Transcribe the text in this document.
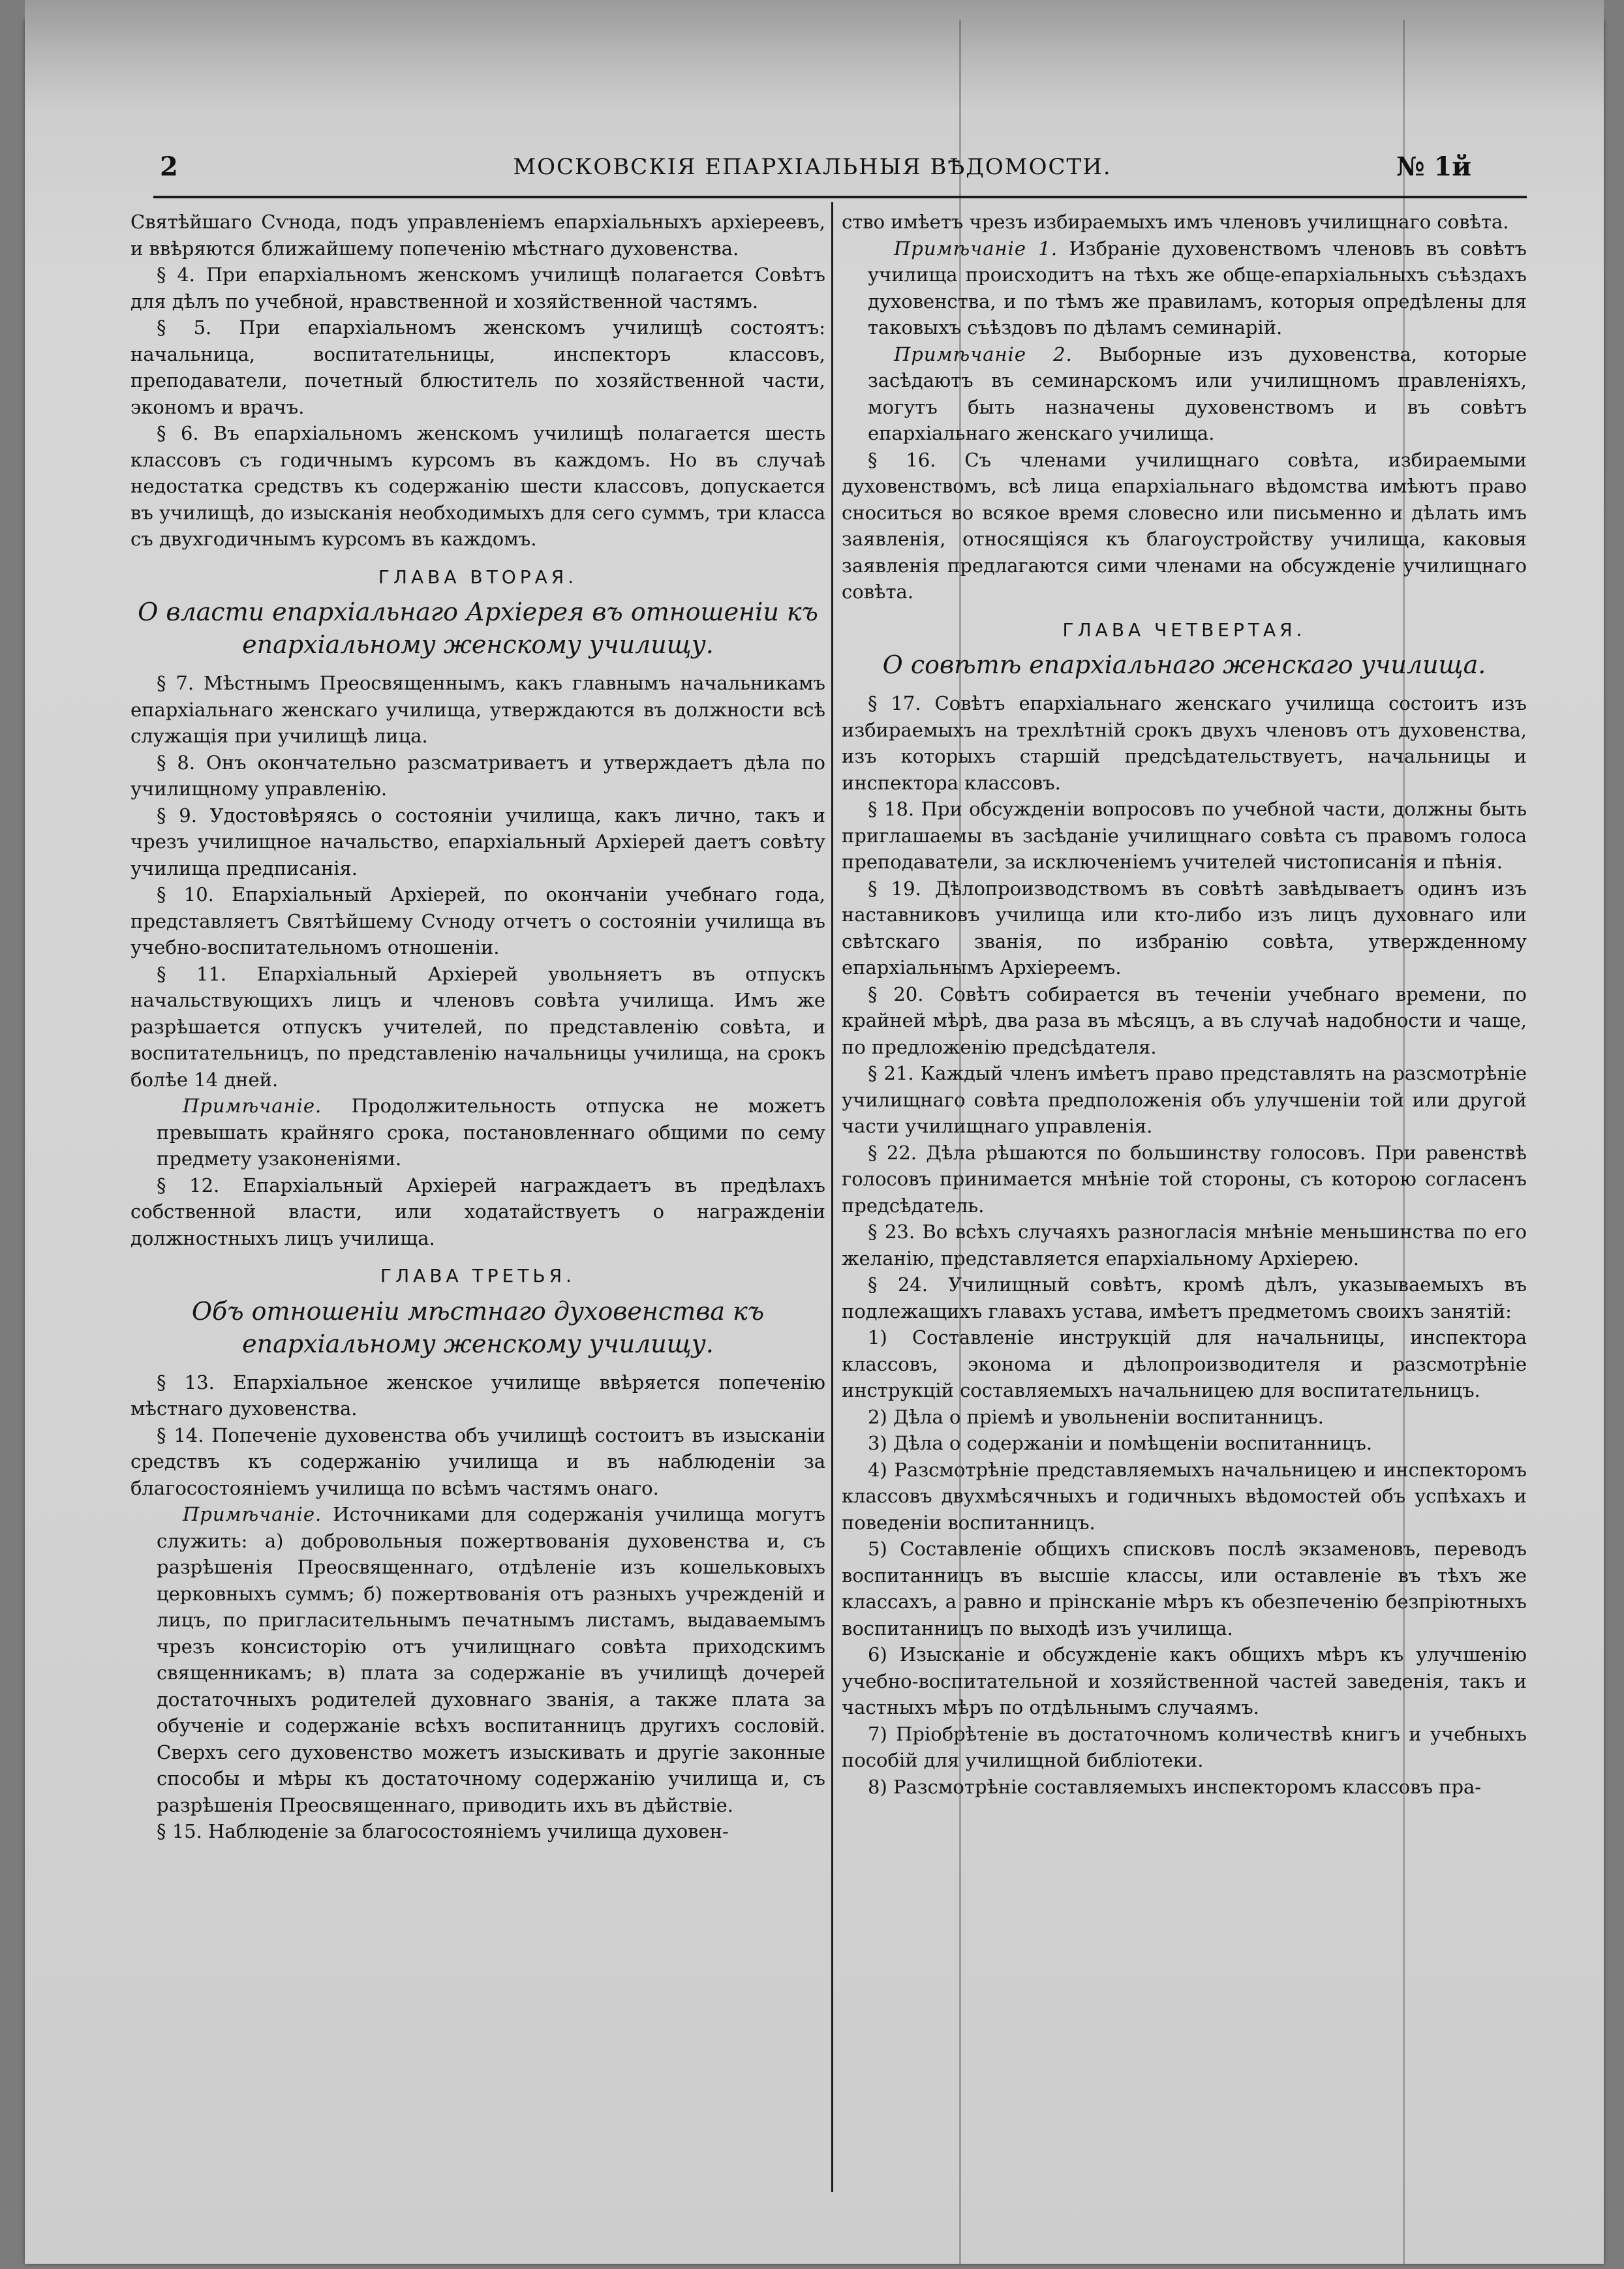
2	МОСКОВСКІЯ ЕПАРХІАЛЬНЫЯ ВѢДОМОСТИ.	№ 1й

Святѣйшаго Сѵнода, подъ управленіемъ епархіальныхъ архіереевъ, и ввѣряются ближайшему попеченію мѣстнаго духовенства.

§ 4. При епархіальномъ женскомъ училищѣ полагается Совѣтъ для дѣлъ по учебной, нравственной и хозяйственной частямъ.

§ 5. При епархіальномъ женскомъ училищѣ состоятъ: начальница, воспитательницы, инспекторъ классовъ, преподаватели, почетный блюститель по хозяйственной части, экономъ и врачъ.

§ 6. Въ епархіальномъ женскомъ училищѣ полагается шесть классовъ съ годичнымъ курсомъ въ каждомъ. Но въ случаѣ недостатка средствъ къ содержанію шести классовъ, допускается въ училищѣ, до изысканія необходимыхъ для сего суммъ, три класса съ двухгодичнымъ курсомъ въ каждомъ.

ГЛАВА ВТОРАЯ.
О власти епархіальнаго Архіерея въ отношеніи къ епархіальному женскому училищу.

§ 7. Мѣстнымъ Преосвященнымъ, какъ главнымъ начальникамъ епархіальнаго женскаго училища, утверждаются въ должности всѣ служащія при училищѣ лица.

§ 8. Онъ окончательно разсматриваетъ и утверждаетъ дѣла по училищному управленію.

§ 9. Удостовѣряясь о состояніи училища, какъ лично, такъ и чрезъ училищное начальство, епархіальный Архіерей даетъ совѣту училища предписанія.

§ 10. Епархіальный Архіерей, по окончаніи учебнаго года, представляетъ Святѣйшему Сѵноду отчетъ о состояніи училища въ учебно-воспитательномъ отношеніи.

§ 11. Епархіальный Архіерей увольняетъ въ отпускъ начальствующихъ лицъ и членовъ совѣта училища. Имъ же разрѣшается отпускъ учителей, по представленію совѣта, и воспитательницъ, по представленію начальницы училища, на срокъ болѣе 14 дней.

Примѣчаніе. Продолжительность отпуска не можетъ превышать крайняго срока, постановленнаго общими по сему предмету узаконеніями.

§ 12. Епархіальный Архіерей награждаетъ въ предѣлахъ собственной власти, или ходатайствуетъ о награжденіи должностныхъ лицъ училища.

ГЛАВА ТРЕТЬЯ.
Объ отношеніи мѣстнаго духовенства къ епархіальному женскому училищу.

§ 13. Епархіальное женское училище ввѣряется попеченію мѣстнаго духовенства.

§ 14. Попеченіе духовенства объ училищѣ состоитъ въ изысканіи средствъ къ содержанію училища и въ наблюденіи за благосостояніемъ училища по всѣмъ частямъ онаго.

Примѣчаніе. Источниками для содержанія училища могутъ служить: а) добровольныя пожертвованія духовенства и, съ разрѣшенія Преосвященнаго, отдѣленіе изъ кошельковыхъ церковныхъ суммъ; б) пожертвованія отъ разныхъ учрежденій и лицъ, по пригласительнымъ печатнымъ листамъ, выдаваемымъ чрезъ консисторію отъ училищнаго совѣта приходскимъ священникамъ; в) плата за содержаніе въ училищѣ дочерей достаточныхъ родителей духовнаго званія, а также плата за обученіе и содержаніе всѣхъ воспитанницъ другихъ сословій. Сверхъ сего духовенство можетъ изыскивать и другіе законные способы и мѣры къ достаточному содержанію училища и, съ разрѣшенія Преосвященнаго, приводить ихъ въ дѣйствіе.

§ 15. Наблюденіе за благосостояніемъ училища духовен-

ство имѣетъ чрезъ избираемыхъ имъ членовъ училищнаго совѣта.

Примѣчаніе 1. Избраніе духовенствомъ членовъ въ совѣтъ училища происходитъ на тѣхъ же обще-епархіальныхъ съѣздахъ духовенства, и по тѣмъ же правиламъ, которыя опредѣлены для таковыхъ съѣздовъ по дѣламъ семинарій.

Примѣчаніе 2. Выборные изъ духовенства, которые засѣдаютъ въ семинарскомъ или училищномъ правленіяхъ, могутъ быть назначены духовенствомъ и въ совѣтъ епархіальнаго женскаго училища.

§ 16. Съ членами училищнаго совѣта, избираемыми духовенствомъ, всѣ лица епархіальнаго вѣдомства имѣютъ право сноситься во всякое время словесно или письменно и дѣлать имъ заявленія, относящіяся къ благоустройству училища, каковыя заявленія предлагаются сими членами на обсужденіе училищнаго совѣта.

ГЛАВА ЧЕТВЕРТАЯ.
О совѣтѣ епархіальнаго женскаго училища.

§ 17. Совѣтъ епархіальнаго женскаго училища состоитъ изъ избираемыхъ на трехлѣтній срокъ двухъ членовъ отъ духовенства, изъ которыхъ старшій предсѣдательствуетъ, начальницы и инспектора классовъ.

§ 18. При обсужденіи вопросовъ по учебной части, должны быть приглашаемы въ засѣданіе училищнаго совѣта съ правомъ голоса преподаватели, за исключеніемъ учителей чистописанія и пѣнія.

§ 19. Дѣлопроизводствомъ въ совѣтѣ завѣдываетъ одинъ изъ наставниковъ училища или кто-либо изъ лицъ духовнаго или свѣтскаго званія, по избранію совѣта, утвержденному епархіальнымъ Архіереемъ.

§ 20. Совѣтъ собирается въ теченіи учебнаго времени, по крайней мѣрѣ, два раза въ мѣсяцъ, а въ случаѣ надобности и чаще, по предложенію предсѣдателя.

§ 21. Каждый членъ имѣетъ право представлять на разсмотрѣніе училищнаго совѣта предположенія объ улучшеніи той или другой части училищнаго управленія.

§ 22. Дѣла рѣшаются по большинству голосовъ. При равенствѣ голосовъ принимается мнѣніе той стороны, съ которою согласенъ предсѣдатель.

§ 23. Во всѣхъ случаяхъ разногласія мнѣніе меньшинства по его желанію, представляется епархіальному Архіерею.

§ 24. Училищный совѣтъ, кромѣ дѣлъ, указываемыхъ въ подлежащихъ главахъ устава, имѣетъ предметомъ своихъ занятій:

1) Составленіе инструкцій для начальницы, инспектора классовъ, эконома и дѣлопроизводителя и разсмотрѣніе инструкцій составляемыхъ начальницею для воспитательницъ.

2) Дѣла о пріемѣ и увольненіи воспитанницъ.

3) Дѣла о содержаніи и помѣщеніи воспитанницъ.

4) Разсмотрѣніе представляемыхъ начальницею и инспекторомъ классовъ двухмѣсячныхъ и годичныхъ вѣдомостей объ успѣхахъ и поведеніи воспитанницъ.

5) Составленіе общихъ списковъ послѣ экзаменовъ, переводъ воспитанницъ въ высшіе классы, или оставленіе въ тѣхъ же классахъ, а равно и прінсканіе мѣръ къ обезпеченію безпріютныхъ воспитанницъ по выходѣ изъ училища.

6) Изысканіе и обсужденіе какъ общихъ мѣръ къ улучшенію учебно-воспитательной и хозяйственной частей заведенія, такъ и частныхъ мѣръ по отдѣльнымъ случаямъ.

7) Пріобрѣтеніе въ достаточномъ количествѣ книгъ и учебныхъ пособій для училищной библіотеки.

8) Разсмотрѣніе составляемыхъ инспекторомъ классовъ пра-
